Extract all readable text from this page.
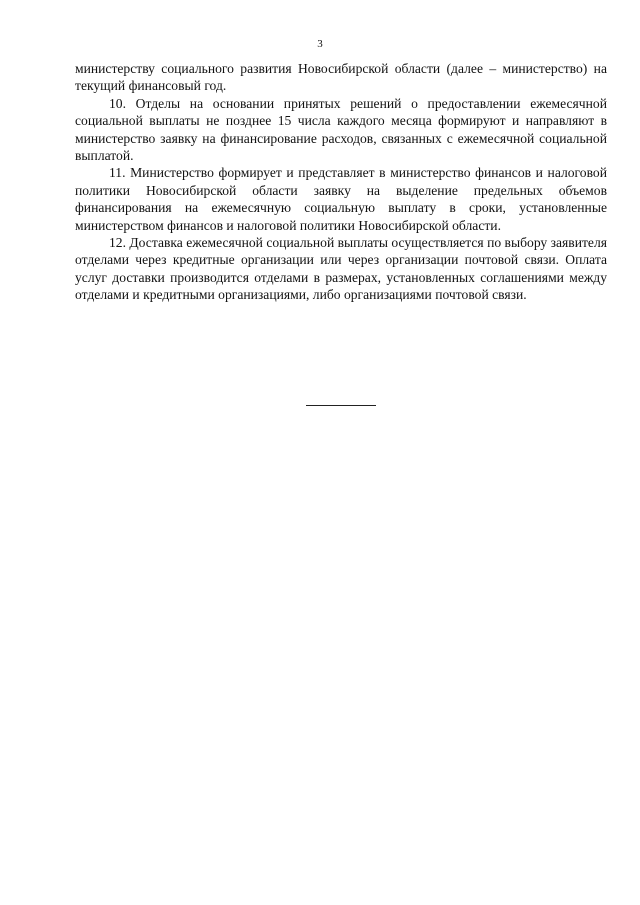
3

министерству социального развития Новосибирской области (далее – министерство) на текущий финансовый год.

10. Отделы на основании принятых решений о предоставлении ежемесячной социальной выплаты не позднее 15 числа каждого месяца формируют и направляют в министерство заявку на финансирование расходов, связанных с ежемесячной социальной выплатой.

11. Министерство формирует и представляет в министерство финансов и налоговой политики Новосибирской области заявку на выделение предельных объемов финансирования на ежемесячную социальную выплату в сроки, установленные министерством финансов и налоговой политики Новосибирской области.

12. Доставка ежемесячной социальной выплаты осуществляется по выбору заявителя отделами через кредитные организации или через организации почтовой связи. Оплата услуг доставки производится отделами в размерах, установленных соглашениями между отделами и кредитными организациями, либо организациями почтовой связи.
